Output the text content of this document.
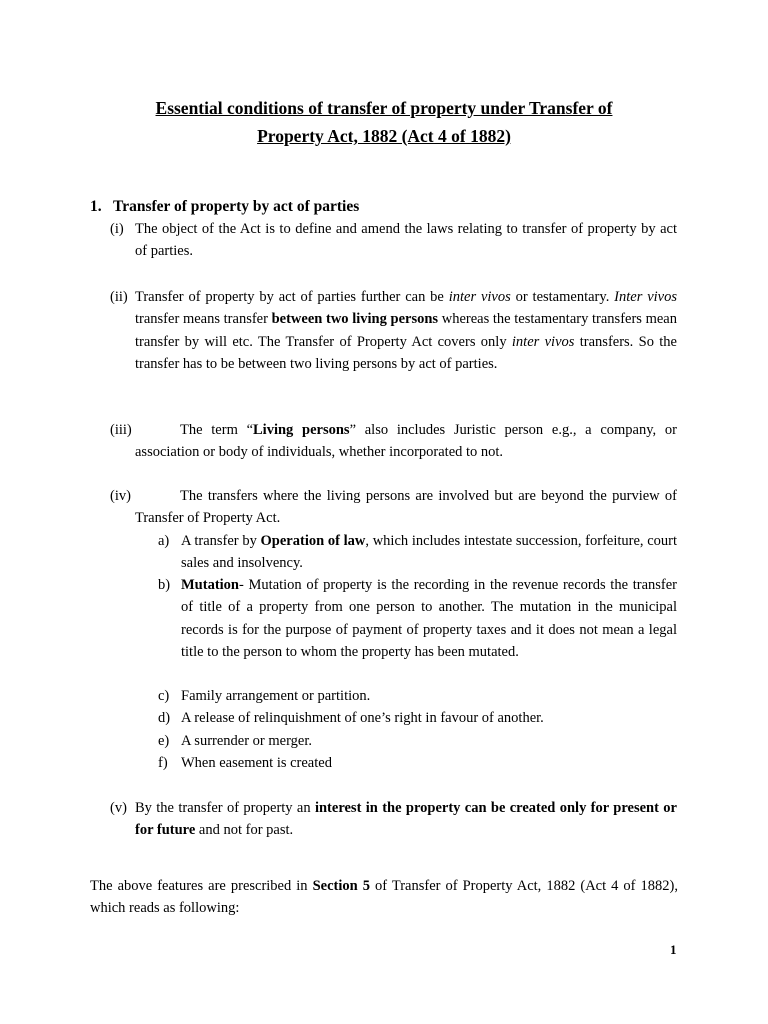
Essential conditions of transfer of property under Transfer of
Property Act, 1882 (Act 4 of 1882)
1. Transfer of property by act of parties
(i) The object of the Act is to define and amend the laws relating to transfer of property by act of parties.
(ii) Transfer of property by act of parties further can be inter vivos or testamentary. Inter vivos transfer means transfer between two living persons whereas the testamentary transfers mean transfer by will etc. The Transfer of Property Act covers only inter vivos transfers. So the transfer has to be between two living persons by act of parties.
(iii)	The term “Living persons” also includes Juristic person e.g., a company, or association or body of individuals, whether incorporated to not.
(iv)	The transfers where the living persons are involved but are beyond the purview of Transfer of Property Act.
a) A transfer by Operation of law, which includes intestate succession, forfeiture, court sales and insolvency.
b) Mutation- Mutation of property is the recording in the revenue records the transfer of title of a property from one person to another. The mutation in the municipal records is for the purpose of payment of property taxes and it does not mean a legal title to the person to whom the property has been mutated.
c) Family arrangement or partition.
d) A release of relinquishment of one’s right in favour of another.
e) A surrender or merger.
f) When easement is created
(v) By the transfer of property an interest in the property can be created only for present or for future and not for past.
The above features are prescribed in Section 5 of Transfer of Property Act, 1882 (Act 4 of 1882), which reads as following:
1
